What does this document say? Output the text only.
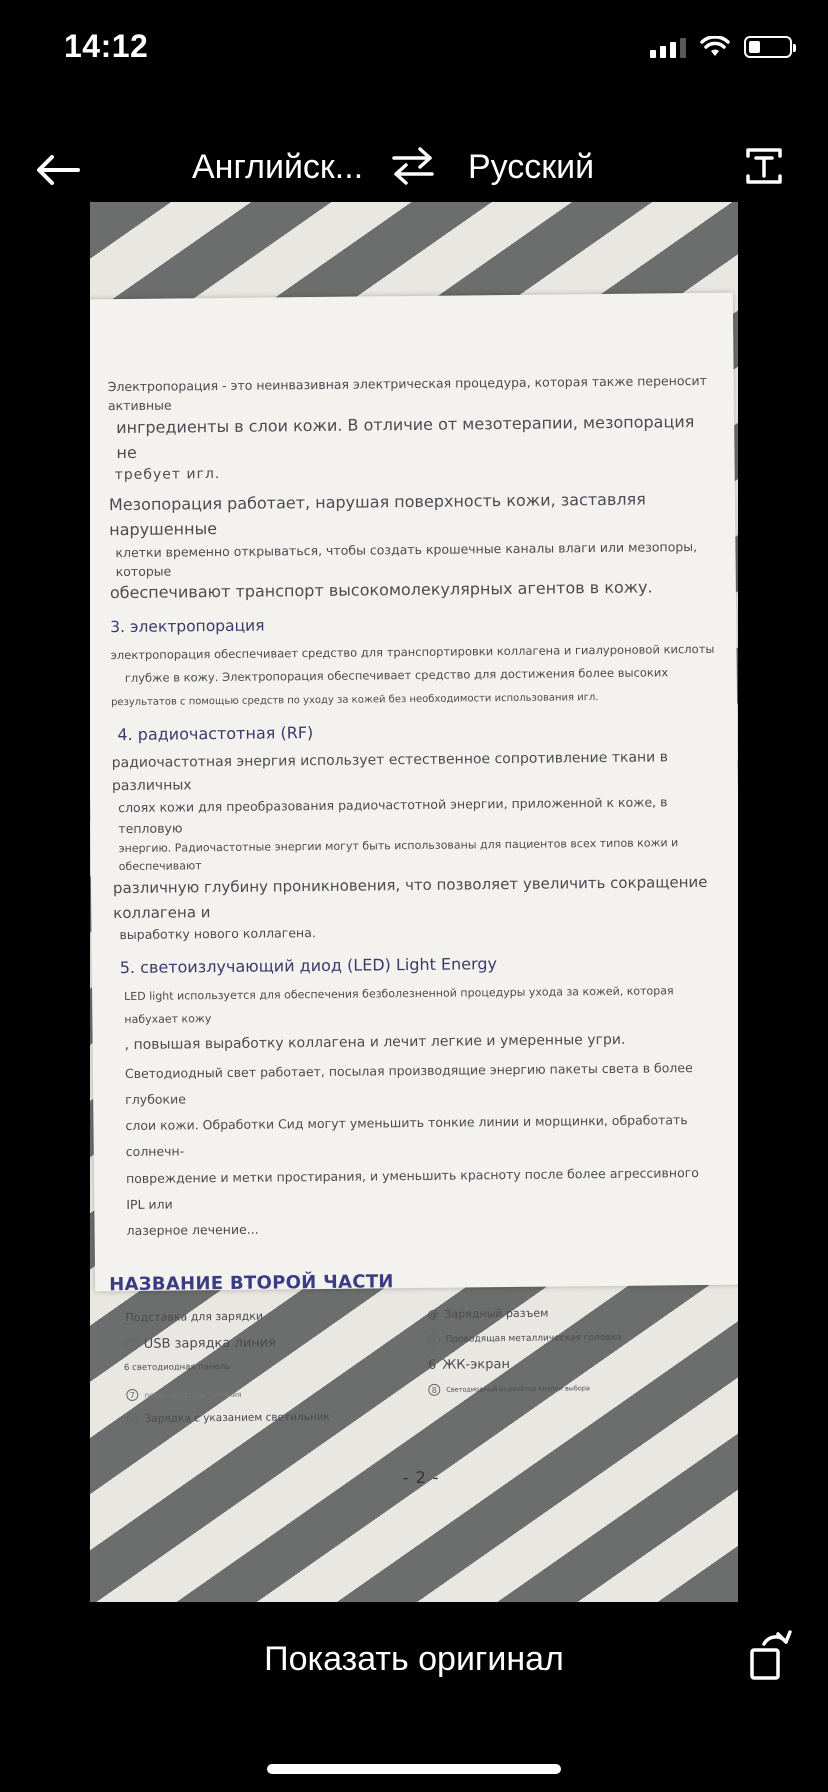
14:12
Английск...	Русский

Электропорация - это неинвазивная электрическая процедура, которая также переносит активные
ингредиенты в слои кожи. В отличие от мезотерапии, мезопорация не
требует игл.

Мезопорация работает, нарушая поверхность кожи, заставляя нарушенные
клетки временно открываться, чтобы создать крошечные каналы влаги или мезопоры, которые
обеспечивают транспорт высокомолекулярных агентов в кожу.

3. электропорация

электропорация обеспечивает средство для транспортировки коллагена и гиалуроновой кислоты
глубже в кожу. Электропорация обеспечивает средство для достижения более высоких
результатов с помощью средств по уходу за кожей без необходимости использования игл.

4. радиочастотная (RF)

радиочастотная энергия использует естественное сопротивление ткани в различных
слоях кожи для преобразования радиочастотной энергии, приложенной к коже, в тепловую
энергию. Радиочастотные энергии могут быть использованы для пациентов всех типов кожи и обеспечивают
различную глубину проникновения, что позволяет увеличить сокращение коллагена и
выработку нового коллагена.

5. светоизлучающий диод (LED) Light Energy

LED light используется для обеспечения безболезненной процедуры ухода за кожей, которая набухает кожу
, повышая выработку коллагена и лечит легкие и умеренные угри.
Светодиодный свет работает, посылая производящие энергию пакеты света в более глубокие
слои кожи. Обработки Сид могут уменьшить тонкие линии и морщинки, обработать солнечн-
повреждение и метки простирания, и уменьшить красноту после более агрессивного IPL или
лазерное лечение...

НАЗВАНИЕ ВТОРОЙ ЧАСТИ
Подставка для зарядки	@ Зарядный разъем
3 USB зарядка линия	4	Проводящая металлическая головка
6 светодиодная панель	6 ЖК-экран
7	переключатель питания	8	Светодиодный индикатор кнопки выбора
9 Зарядка с указанием светильник
- 2 -
Показать оригинал
